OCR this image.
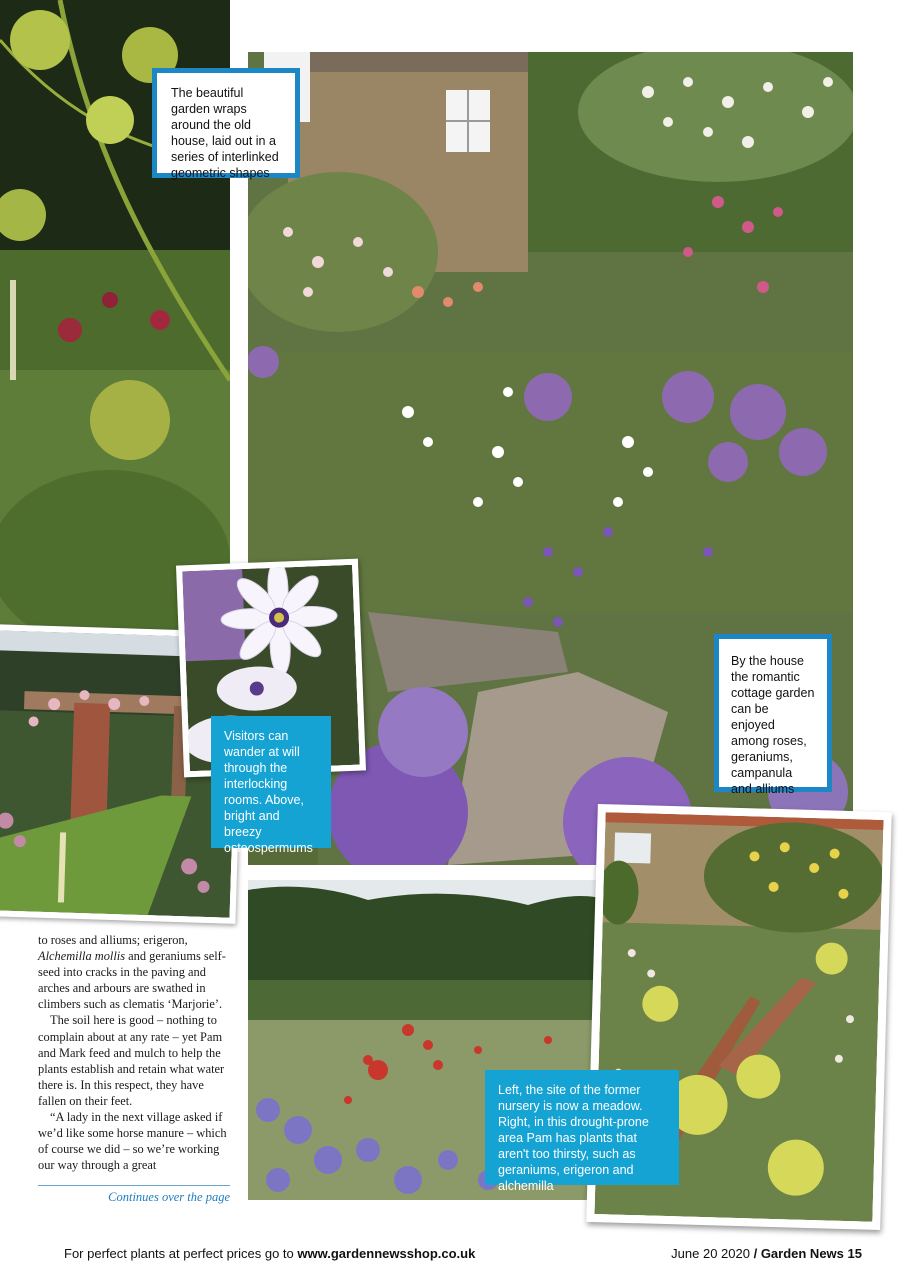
The beautiful garden wraps around the old house, laid out in a series of interlinked geometric shapes
Visitors can wander at will through the interlocking rooms. Above, bright and breezy osteospermums
By the house the romantic cottage garden can be enjoyed among roses, geraniums, campanula and alliums
Left, the site of the former nursery is now a meadow. Right, in this drought-prone area Pam has plants that aren't too thirsty, such as geraniums, erigeron and alchemilla

to roses and alliums; erigeron, Alchemilla mollis and geraniums self-seed into cracks in the paving and arches and arbours are swathed in climbers such as clematis ‘Marjorie’.

The soil here is good – nothing to complain about at any rate – yet Pam and Mark feed and mulch to help the plants establish and retain what water there is. In this respect, they have fallen on their feet.

“A lady in the next village asked if we’d like some horse manure – which of course we did – so we’re working our way through a great

Continues over the page
For perfect plants at perfect prices go to www.gardennewsshop.co.uk	June 20 2020 / Garden News 15
